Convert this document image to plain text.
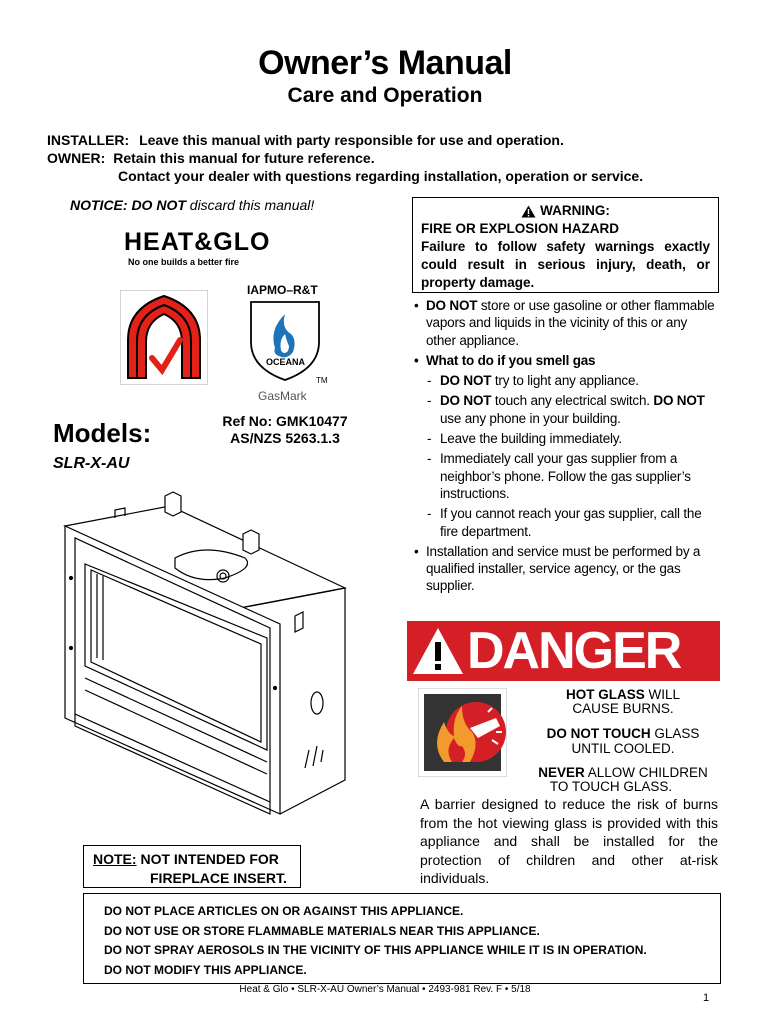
Owner’s Manual
Care and Operation
INSTALLER: Leave this manual with party responsible for use and operation.
OWNER: Retain this manual for future reference.
Contact your dealer with questions regarding installation, operation or service.
NOTICE: DO NOT discard this manual!
HEAT&GLO
No one builds a better fire
IAPMO–R&T
OCEANA
TM
GasMark
Models:
SLR-X-AU
Ref No: GMK10477
AS/NZS 5263.1.3
NOTE: NOT INTENDED FOR
FIREPLACE INSERT.
WARNING:
FIRE OR EXPLOSION HAZARD
Failure to follow safety warnings exactly could result in serious injury, death, or property damage.
• DO NOT store or use gasoline or other flammable vapors and liquids in the vicinity of this or any other appliance.
• What to do if you smell gas
- DO NOT try to light any appliance.
- DO NOT touch any electrical switch. DO NOT use any phone in your building.
- Leave the building immediately.
- Immediately call your gas supplier from a neighbor’s phone. Follow the gas supplier’s instructions.
- If you cannot reach your gas supplier, call the fire department.
• Installation and service must be performed by a qualified installer, service agency, or the gas supplier.
DANGER
HOT GLASS WILL
CAUSE BURNS.
DO NOT TOUCH GLASS
UNTIL COOLED.
NEVER ALLOW CHILDREN
TO TOUCH GLASS.
A barrier designed to reduce the risk of burns from the hot viewing glass is provided with this appliance and shall be installed for the protection of children and other at-risk individuals.
DO NOT PLACE ARTICLES ON OR AGAINST THIS APPLIANCE.
DO NOT USE OR STORE FLAMMABLE MATERIALS NEAR THIS APPLIANCE.
DO NOT SPRAY AEROSOLS IN THE VICINITY OF THIS APPLIANCE WHILE IT IS IN OPERATION.
DO NOT MODIFY THIS APPLIANCE.
Heat & Glo • SLR-X-AU Owner’s Manual • 2493-981 Rev. F • 5/18
1
